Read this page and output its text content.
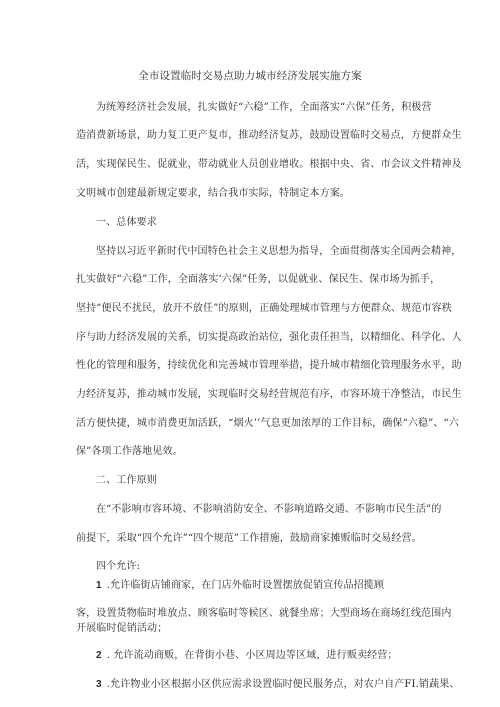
全市设置临时交易点助力城市经济发展实施方案

为统筹经济社会发展，扎实做好“六稳”工作，全面落实“六保”任务，积极营

造消费新场景，助力复工更产复市，推动经济复苏，鼓励设置临时交易点，方便群众生

活，实现保民生、促就业，带动就业人员创业增收。根据中央、省、市会议文件精神及

文明城市创建最新规定要求，结合我市实际，特制定本方案。

一、总体要求

坚持以习近平新时代中国特色社会主义思想为指导，全面贯彻落实全国两会精神，

扎实做好“六稳”工作，全面落实‘六保”任务，以促就业、保民生、保市场为抓手，

坚持“便民不扰民，放开不放任”的原则，正确处理城市管理与方便群众、规范市容秩

序与助力经济发展的关系，切实提高政治站位，强化责任担当，以精细化、科学化、人

性化的管理和服务，持续优化和完善城市管理举措，提升城市精细化管理服务水平，助

力经济复苏，推动城市发展，实现临时交易经营规范有序，市容环境干净整洁，市民生

活方便快捷，城市消费更加活跃，“烟火’’气息更加浓厚的工作目标，确保“六稳”、“六

保”各项工作落地见效。

二、工作原则

在“不影响市容环境、不影响消防安全、不影响道路交通、不影响市民生活”的

前提下，采取“四个允许”“四个规范”工作措施，鼓励商家摊贩临时交易经营。

四个允许:

1 .允许临街店铺商家，在门店外临时设置摆放促销宣传品招揽顾

客，设置货物临时堆放点、顾客临时等候区、就餐坐席；大型商场在商场红线范围内

开展临时促销活动；

2 . 允许流动商贩，在背街小巷、小区周边等区域，进行贩卖经营；

3 .允许物业小区根据小区供应需求设置临时便民服务点，对农户自产FI.销蔬果、
